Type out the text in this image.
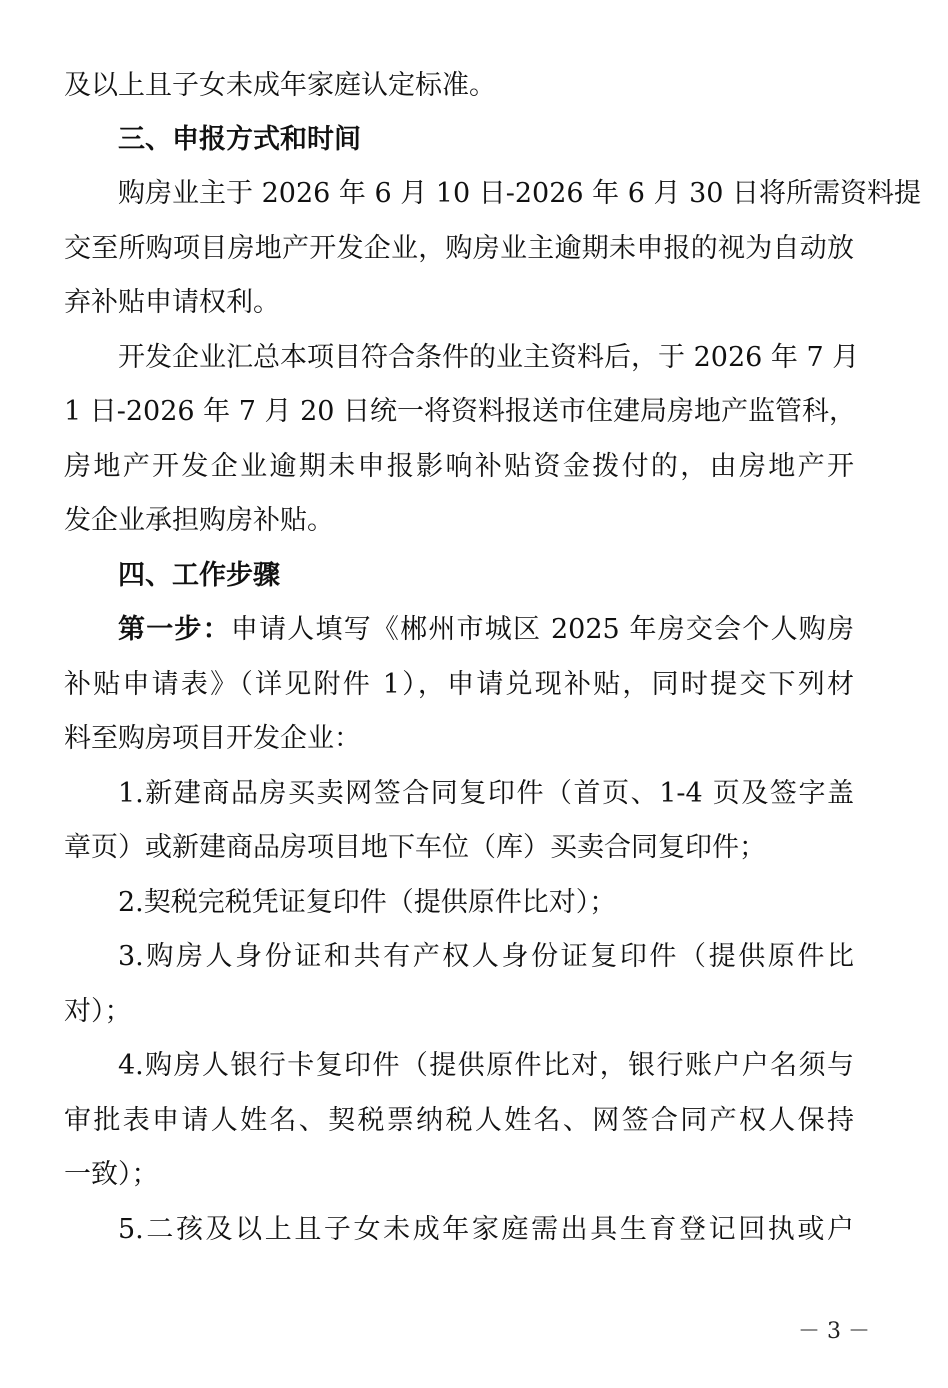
及以上且子女未成年家庭认定标准。
三、申报方式和时间
购房业主于 2026 年 6 月 10 日-2026 年 6 月 30 日将所需资料提
交至所购项目房地产开发企业，购房业主逾期未申报的视为自动放
弃补贴申请权利。
开发企业汇总本项目符合条件的业主资料后，于 2026 年 7 月
1 日-2026 年 7 月 20 日统一将资料报送市住建局房地产监管科，
房地产开发企业逾期未申报影响补贴资金拨付的，由房地产开
发企业承担购房补贴。
四、工作步骤
第一步：申请人填写《郴州市城区 2025 年房交会个人购房
补贴申请表》（详见附件 1），申请兑现补贴，同时提交下列材
料至购房项目开发企业：
1.新建商品房买卖网签合同复印件（首页、1-4 页及签字盖
章页）或新建商品房项目地下车位（库）买卖合同复印件；
2.契税完税凭证复印件（提供原件比对）；
3.购房人身份证和共有产权人身份证复印件（提供原件比
对）；
4.购房人银行卡复印件（提供原件比对，银行账户户名须与
审批表申请人姓名、契税票纳税人姓名、网签合同产权人保持
一致）；
5.二孩及以上且子女未成年家庭需出具生育登记回执或户
－ 3 －
